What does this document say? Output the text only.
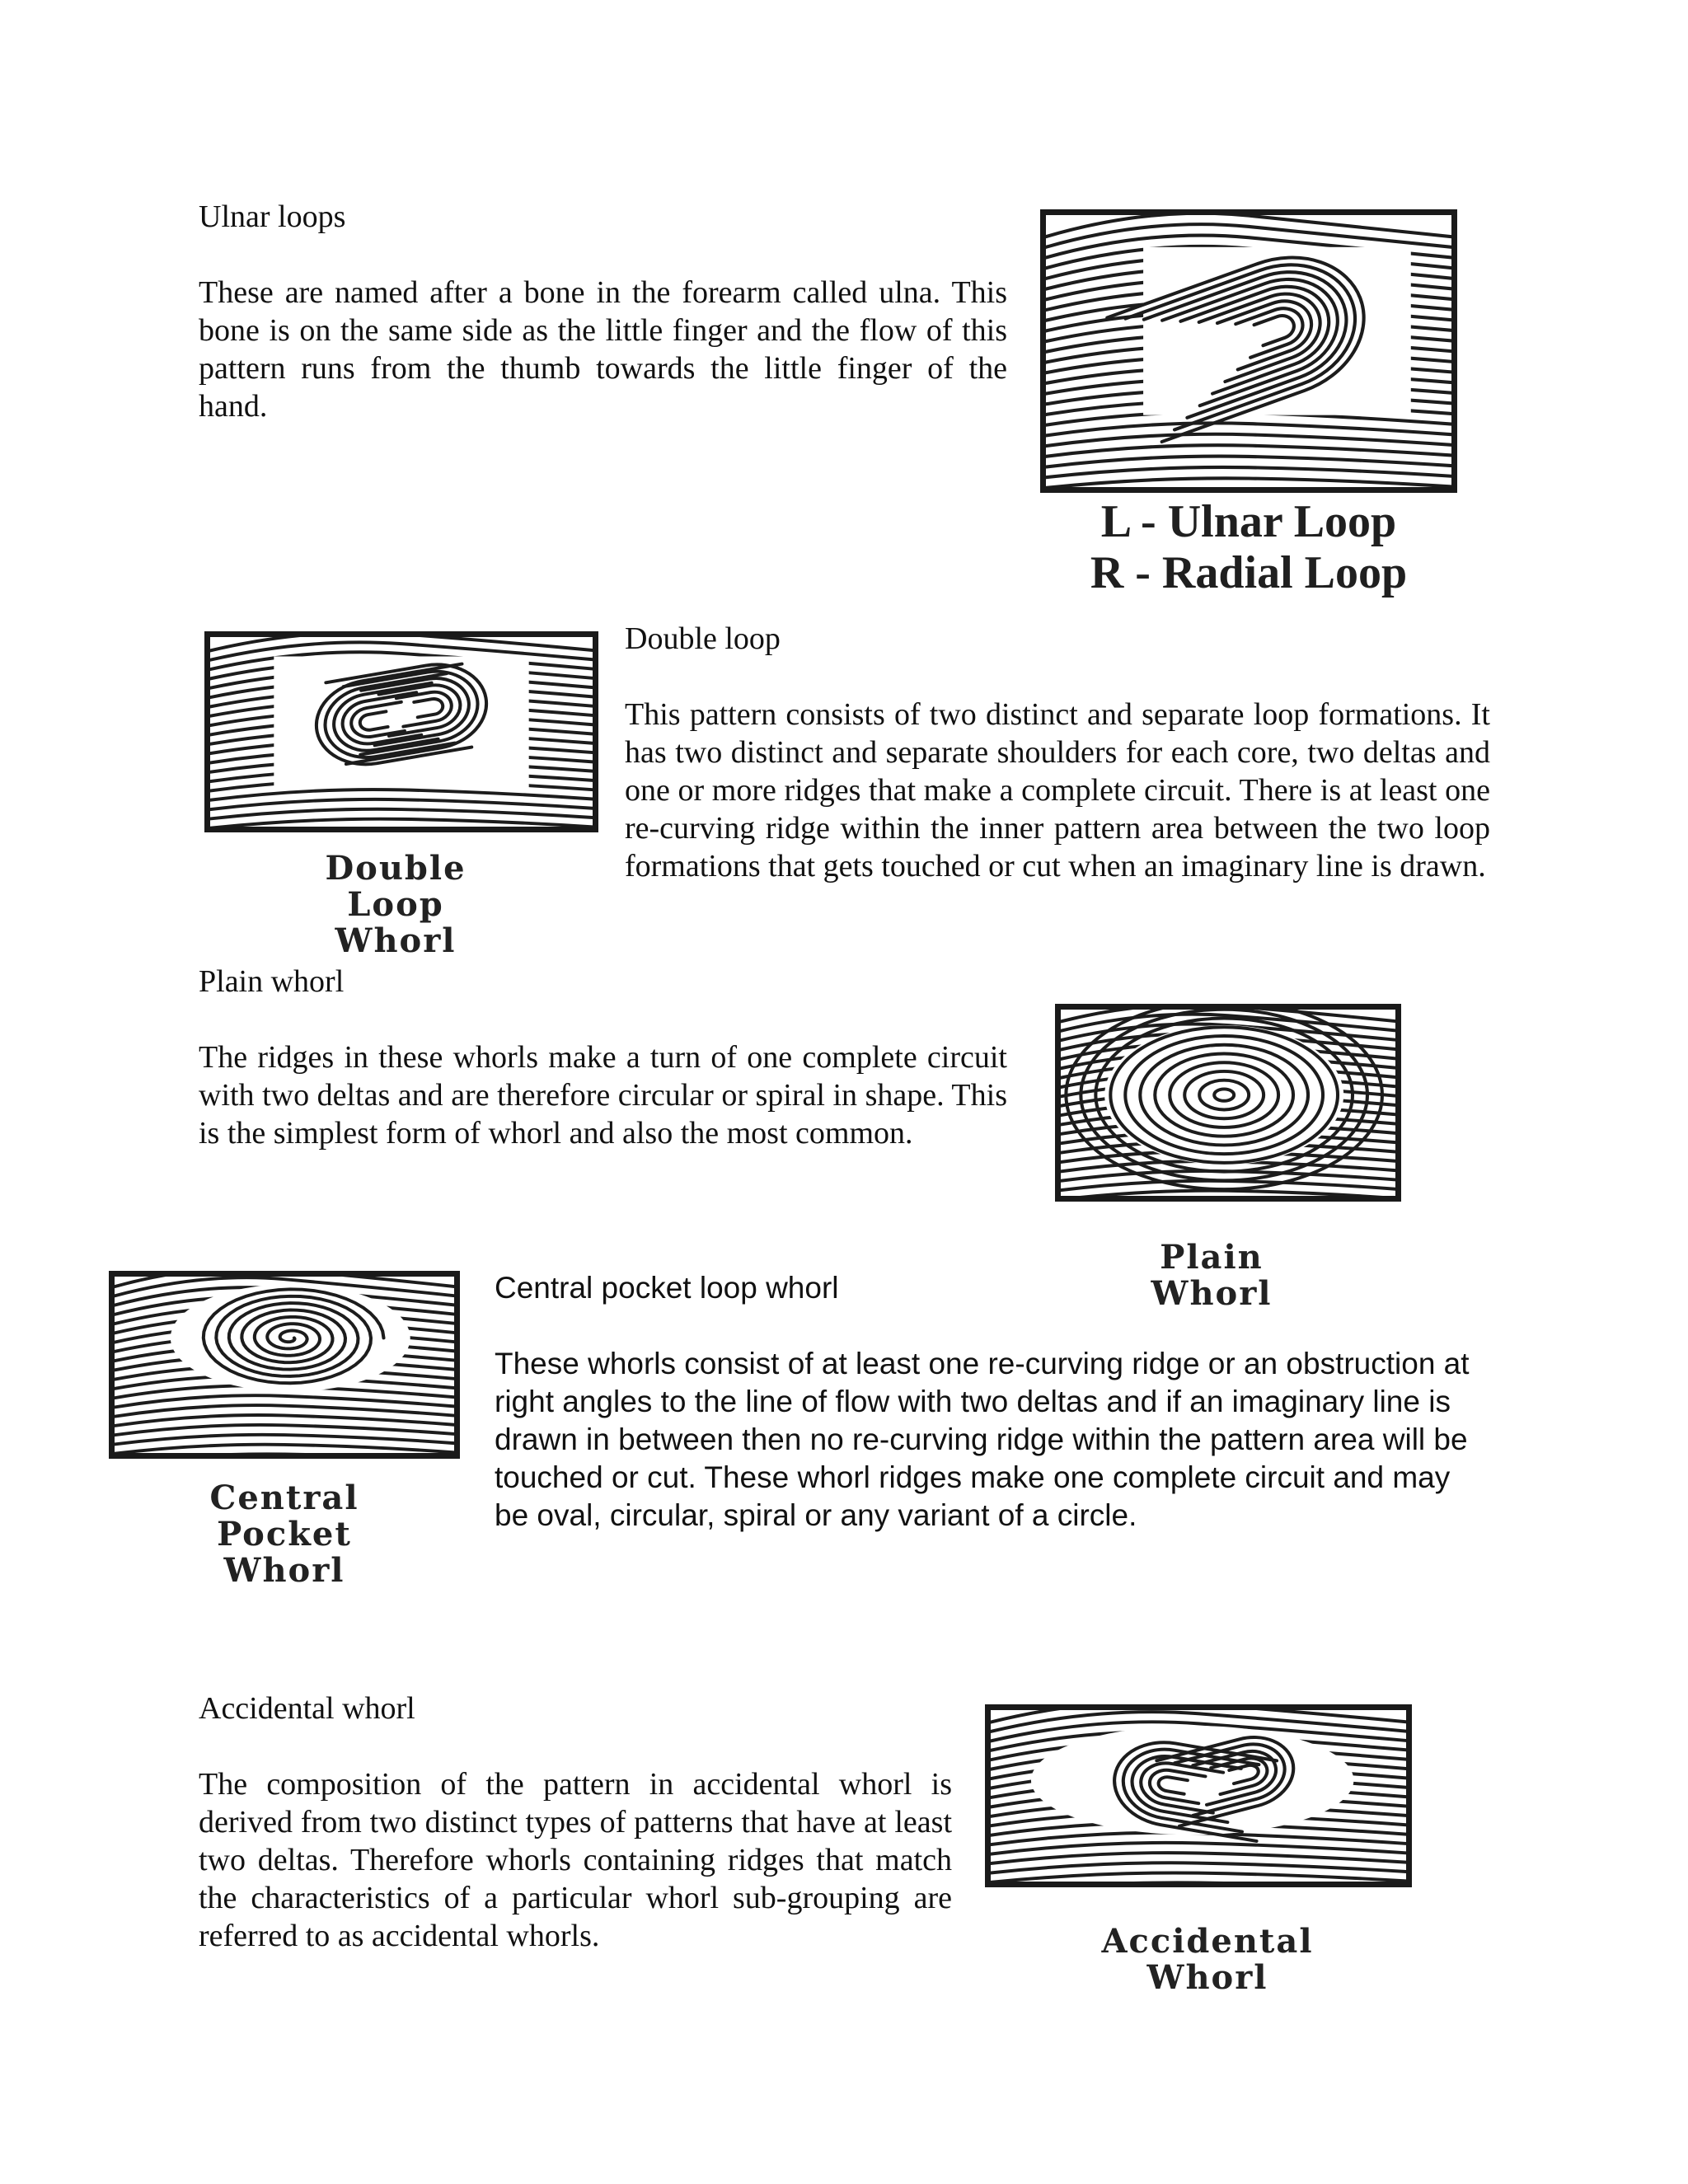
Ulnar loops

These are named after a bone in the forearm called ulna. This bone is on the same side as the little finger and the flow of this pattern runs from the thumb towards the little finger of the hand.

L - Ulnar Loop
R - Radial Loop
Double
Loop
Whorl
Double loop

This pattern consists of two distinct and separate loop formations. It has two distinct and separate shoulders for each core, two deltas and one or more ridges that make a complete circuit. There is at least one re-curving ridge within the inner pattern area between the two loop formations that gets touched or cut when an imaginary line is drawn.

Plain whorl

The ridges in these whorls make a turn of one complete circuit with two deltas and are therefore circular or spiral in shape. This is the simplest form of whorl and also the most common.

Plain
Whorl
Central
Pocket
Whorl
Central pocket loop whorl

These whorls consist of at least one re-curving ridge or an obstruction at right angles to the line of flow with two deltas and if an imaginary line is drawn in between then no re-curving ridge within the pattern area will be touched or cut. These whorl ridges make one complete circuit and may be oval, circular, spiral or any variant of a circle.

Accidental whorl

The composition of the pattern in accidental whorl is derived from two distinct types of patterns that have at least two deltas. Therefore whorls containing ridges that match the characteristics of a particular whorl sub-grouping are referred to as accidental whorls.	Accidental
Whorl
